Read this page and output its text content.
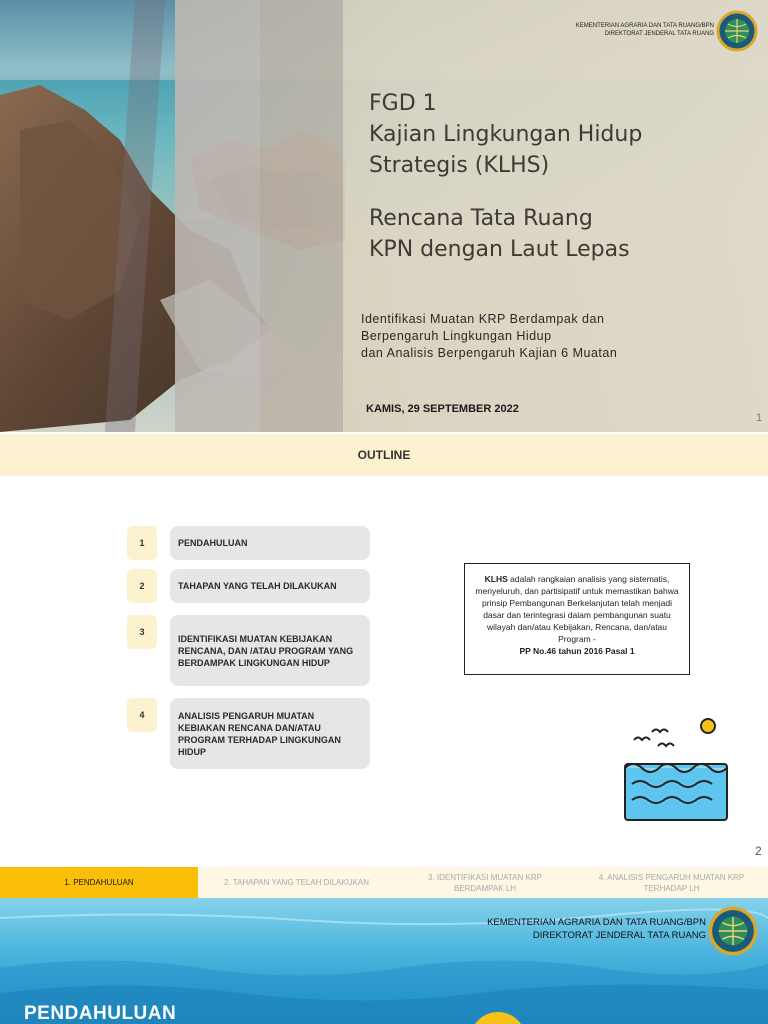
KEMENTERIAN AGRARIA DAN TATA RUANG/BPN
DIREKTORAT JENDERAL TATA RUANG
FGD 1
Kajian Lingkungan Hidup
Strategis (KLHS)
Rencana Tata Ruang
KPN dengan Laut Lepas
Identifikasi Muatan KRP Berdampak dan
Berpengaruh Lingkungan Hidup
dan Analisis Berpengaruh Kajian 6 Muatan
KAMIS, 29 SEPTEMBER 2022
1
OUTLINE
1	PENDAHULUAN
2	TAHAPAN YANG TELAH DILAKUKAN
3
IDENTIFIKASI MUATAN KEBIJAKAN RENCANA, DAN /ATAU PROGRAM YANG BERDAMPAK LINGKUNGAN HIDUP
4	ANALISIS PENGARUH MUATAN KEBIAKAN RENCANA DAN/ATAU PROGRAM TERHADAP LINGKUNGAN HIDUP
KLHS adalah rangkaian analisis yang sistematis, menyeluruh, dan partisipatif untuk memastikan bahwa prinsip Pembangunan Berkelanjutan telah menjadi dasar dan terintegrasi dalam pembangunan suatu wilayah dan/atau Kebijakan, Rencana, dan/atau Program -
PP No.46 tahun 2016 Pasal 1
2
1. PENDAHULUAN	2. TAHAPAN YANG TELAH DILAKUKAN
3. IDENTIFIKASI MUATAN KRP BERDAMPAK LH
4. ANALISIS PENGARUH MUATAN KRP TERHADAP LH
KEMENTERIAN AGRARIA DAN TATA RUANG/BPN
DIREKTORAT JENDERAL TATA RUANG
PENDAHULUAN
